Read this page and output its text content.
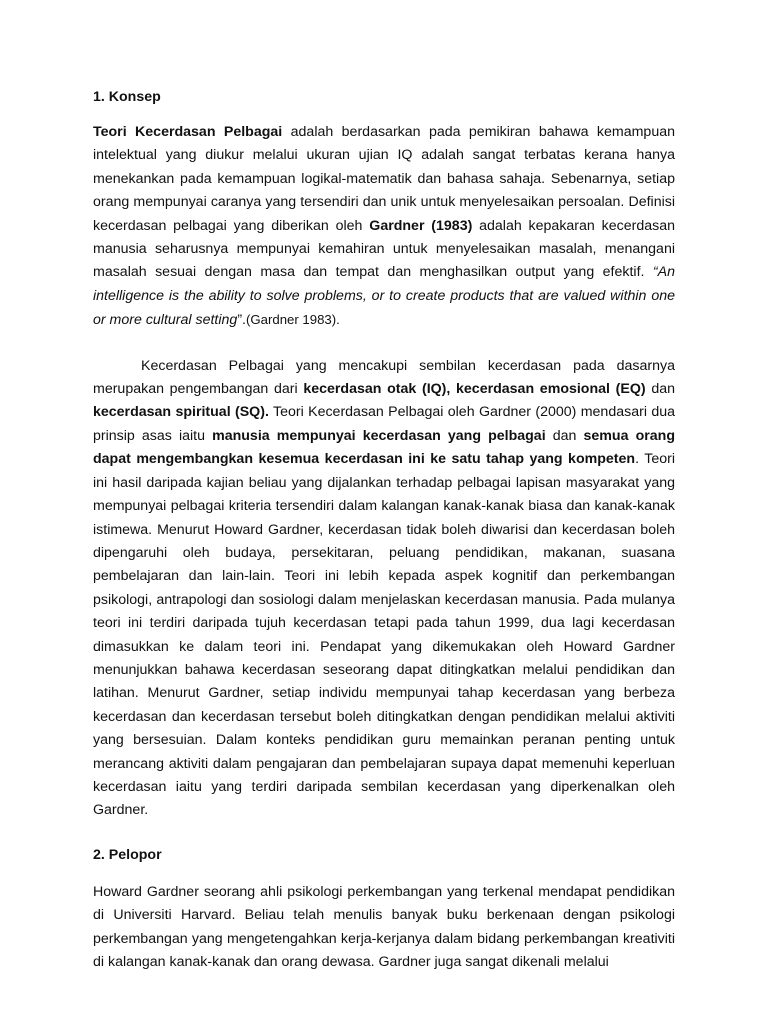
1. Konsep

Teori Kecerdasan Pelbagai adalah berdasarkan pada pemikiran bahawa kemampuan intelektual yang diukur melalui ukuran ujian IQ adalah sangat terbatas kerana hanya menekankan pada kemampuan logikal-matematik dan bahasa sahaja. Sebenarnya, setiap orang mempunyai caranya yang tersendiri dan unik untuk menyelesaikan persoalan. Definisi kecerdasan pelbagai yang diberikan oleh Gardner (1983) adalah kepakaran kecerdasan manusia seharusnya mempunyai kemahiran untuk menyelesaikan masalah, menangani masalah sesuai dengan masa dan tempat dan menghasilkan output yang efektif. “An intelligence is the ability to solve problems, or to create products that are valued within one or more cultural setting”.(Gardner 1983).

Kecerdasan Pelbagai yang mencakupi sembilan kecerdasan pada dasarnya merupakan pengembangan dari kecerdasan otak (IQ), kecerdasan emosional (EQ) dan kecerdasan spiritual (SQ). Teori Kecerdasan Pelbagai oleh Gardner (2000) mendasari dua prinsip asas iaitu manusia mempunyai kecerdasan yang pelbagai dan semua orang dapat mengembangkan kesemua kecerdasan ini ke satu tahap yang kompeten. Teori ini hasil daripada kajian beliau yang dijalankan terhadap pelbagai lapisan masyarakat yang mempunyai pelbagai kriteria tersendiri dalam kalangan kanak-kanak biasa dan kanak-kanak istimewa. Menurut Howard Gardner, kecerdasan tidak boleh diwarisi dan kecerdasan boleh dipengaruhi oleh budaya, persekitaran, peluang pendidikan, makanan, suasana pembelajaran dan lain-lain. Teori ini lebih kepada aspek kognitif dan perkembangan psikologi, antrapologi dan sosiologi dalam menjelaskan kecerdasan manusia. Pada mulanya teori ini terdiri daripada tujuh kecerdasan tetapi pada tahun 1999, dua lagi kecerdasan dimasukkan ke dalam teori ini. Pendapat yang dikemukakan oleh Howard Gardner menunjukkan bahawa kecerdasan seseorang dapat ditingkatkan melalui pendidikan dan latihan. Menurut Gardner, setiap individu mempunyai tahap kecerdasan yang berbeza kecerdasan dan kecerdasan tersebut boleh ditingkatkan dengan pendidikan melalui aktiviti yang bersesuian. Dalam konteks pendidikan guru memainkan peranan penting untuk merancang aktiviti dalam pengajaran dan pembelajaran supaya dapat memenuhi keperluan kecerdasan iaitu yang terdiri daripada sembilan kecerdasan yang diperkenalkan oleh Gardner.

2. Pelopor

Howard Gardner seorang ahli psikologi perkembangan yang terkenal mendapat pendidikan di Universiti Harvard. Beliau telah menulis banyak buku berkenaan dengan psikologi perkembangan yang mengetengahkan kerja-kerjanya dalam bidang perkembangan kreativiti di kalangan kanak-kanak dan orang dewasa. Gardner juga sangat dikenali melalui
